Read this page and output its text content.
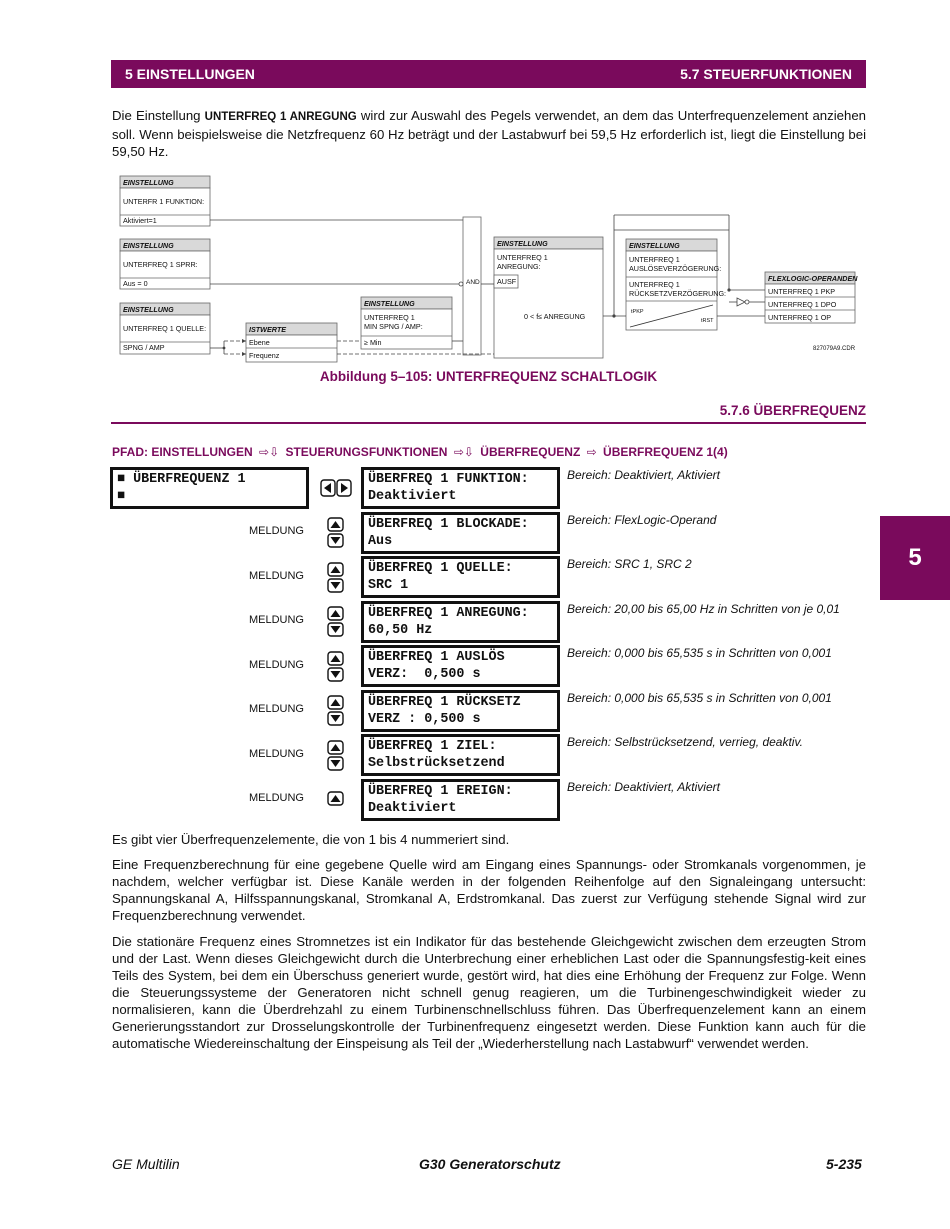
5 EINSTELLUNGEN	5.7 STEUERFUNKTIONEN
Die Einstellung UNTERFREQ 1 ANREGUNG wird zur Auswahl des Pegels verwendet, an dem das Unterfrequenzelement anziehen soll. Wenn beispielsweise die Netzfrequenz 60 Hz beträgt und der Lastabwurf bei 59,5 Hz erforderlich ist, liegt die Einstellung bei 59,50 Hz.
EINSTELLUNG
UNTERFR 1 FUNKTION:
Aktiviert=1
EINSTELLUNG
UNTERFREQ 1 SPRR:
Aus = 0
EINSTELLUNG
UNTERFREQ 1 QUELLE:
SPNG / AMP
ISTWERTE
Ebene
Frequenz
EINSTELLUNG
UNTERFREQ 1
MIN SPNG / AMP:
≥ Min
AND
EINSTELLUNG
UNTERFREQ 1
ANREGUNG:
AUSF
0 < f≤ ANREGUNG
EINSTELLUNG
UNTERFREQ 1
AUSLÖSEVERZÖGERUNG:
UNTERFREQ 1
RÜCKSETZVERZÖGERUNG:
tPKP
tRST
FLEXLOGIC-OPERANDEN
UNTERFREQ 1 PKP
UNTERFREQ 1 DPO
UNTERFREQ 1 OP
827079A9.CDR
Abbildung 5–105: UNTERFREQUENZ SCHALTLOGIK
5.7.6 ÜBERFREQUENZ
PFAD: EINSTELLUNGEN ⇨⇩ STEUERUNGSFUNKTIONEN ⇨⇩ ÜBERFREQUENZ ⇨ ÜBERFREQUENZ 1(4)
■ ÜBERFREQUENZ 1
■
ÜBERFREQ 1 FUNKTION:
Deaktiviert
Bereich: Deaktiviert, Aktiviert
MELDUNG	ÜBERFREQ 1 BLOCKADE:
Aus
Bereich: FlexLogic-Operand
MELDUNG	ÜBERFREQ 1 QUELLE:
SRC 1
Bereich: SRC 1, SRC 2
MELDUNG	ÜBERFREQ 1 ANREGUNG:
60,50 Hz
Bereich: 20,00 bis 65,00 Hz in Schritten von je 0,01
MELDUNG	ÜBERFREQ 1 AUSLÖS
VERZ:  0,500 s
Bereich: 0,000 bis 65,535 s in Schritten von 0,001
MELDUNG	ÜBERFREQ 1 RÜCKSETZ
VERZ : 0,500 s
Bereich: 0,000 bis 65,535 s in Schritten von 0,001
MELDUNG	ÜBERFREQ 1 ZIEL:
Selbstrücksetzend
Bereich: Selbstrücksetzend, verrieg, deaktiv.
MELDUNG	ÜBERFREQ 1 EREIGN:
Deaktiviert
Bereich: Deaktiviert, Aktiviert
Es gibt vier Überfrequenzelemente, die von 1 bis 4 nummeriert sind.
Eine Frequenzberechnung für eine gegebene Quelle wird am Eingang eines Spannungs- oder Stromkanals vorgenommen, je nachdem, welcher verfügbar ist. Diese Kanäle werden in der folgenden Reihenfolge auf den Signaleingang untersucht: Spannungskanal A, Hilfsspannungskanal, Stromkanal A, Erdstromkanal. Das zuerst zur Verfügung stehende Signal wird zur Frequenzberechnung verwendet.
Die stationäre Frequenz eines Stromnetzes ist ein Indikator für das bestehende Gleichgewicht zwischen dem erzeugten Strom und der Last. Wenn dieses Gleichgewicht durch die Unterbrechung einer erheblichen Last oder die Spannungsfestig-keit eines Teils des System, bei dem ein Überschuss generiert wurde, gestört wird, hat dies eine Erhöhung der Frequenz zur Folge. Wenn die Steuerungssysteme der Generatoren nicht schnell genug reagieren, um die Turbinengeschwindigkeit wieder zu normalisieren, kann die Überdrehzahl zu einem Turbinenschnellschluss führen. Das Überfrequenzelement kann an einem Generierungsstandort zur Drosselungskontrolle der Turbinenfrequenz eingesetzt werden. Diese Funktion kann auch für die automatische Wiedereinschaltung der Einspeisung als Teil der „Wiederherstellung nach Lastabwurf“ verwendet werden.
5
GE Multilin	G30 Generatorschutz	5-235
